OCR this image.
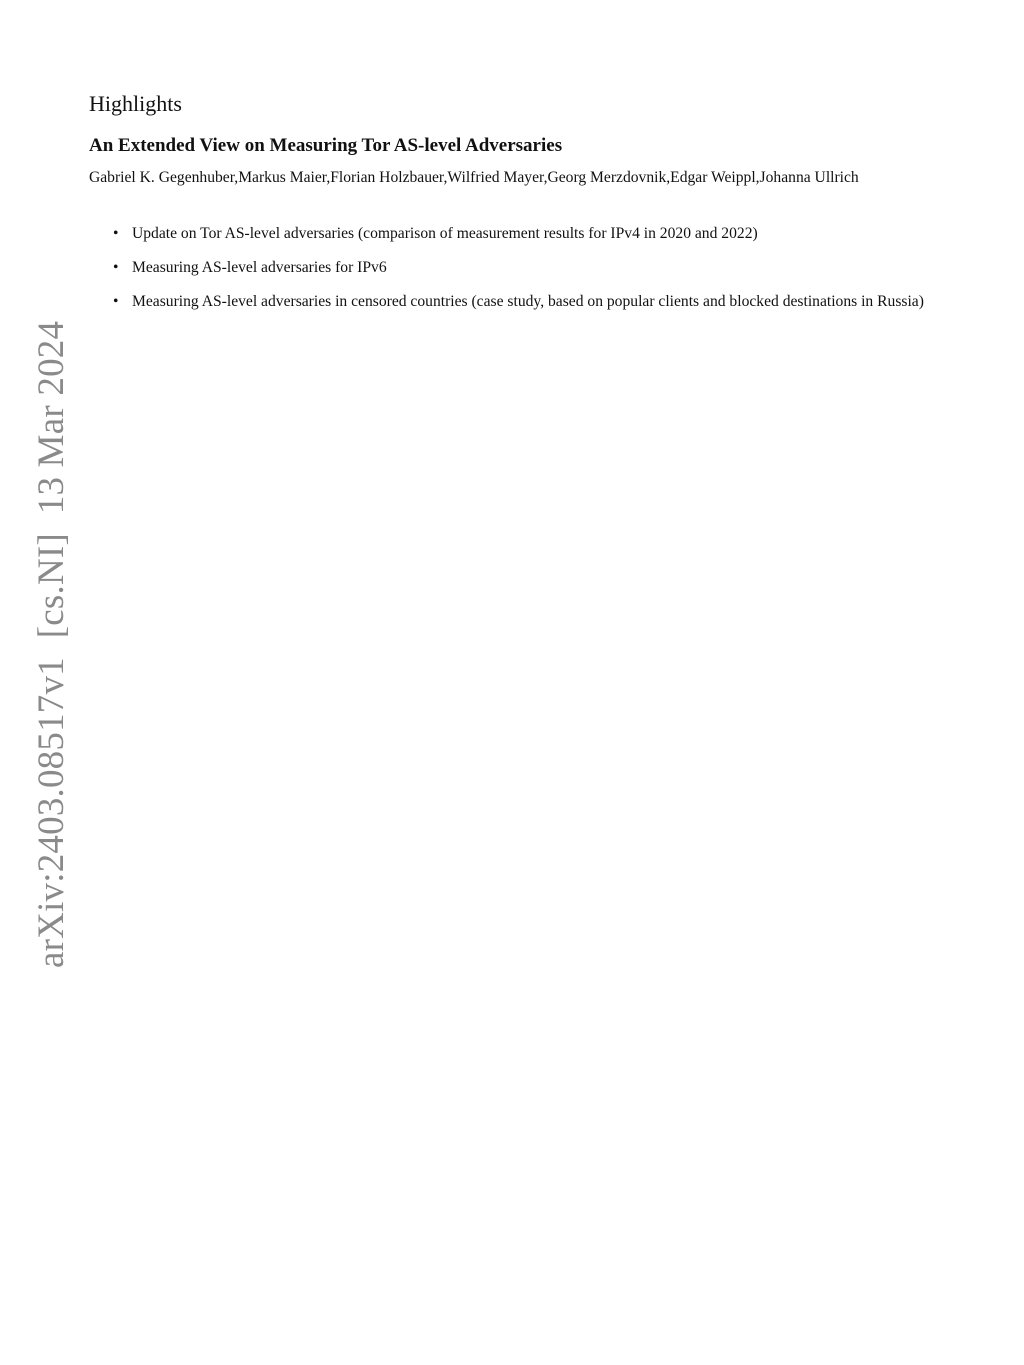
Highlights
An Extended View on Measuring Tor AS-level Adversaries

Gabriel K. Gegenhuber,Markus Maier,Florian Holzbauer,Wilfried Mayer,Georg Merzdovnik,Edgar Weippl,Johanna Ullrich

• Update on Tor AS-level adversaries (comparison of measurement results for IPv4 in 2020 and 2022)
• Measuring AS-level adversaries for IPv6
• Measuring AS-level adversaries in censored countries (case study, based on popular clients and blocked destinations in Russia)
arXiv:2403.08517v1  [cs.NI]  13 Mar 2024
